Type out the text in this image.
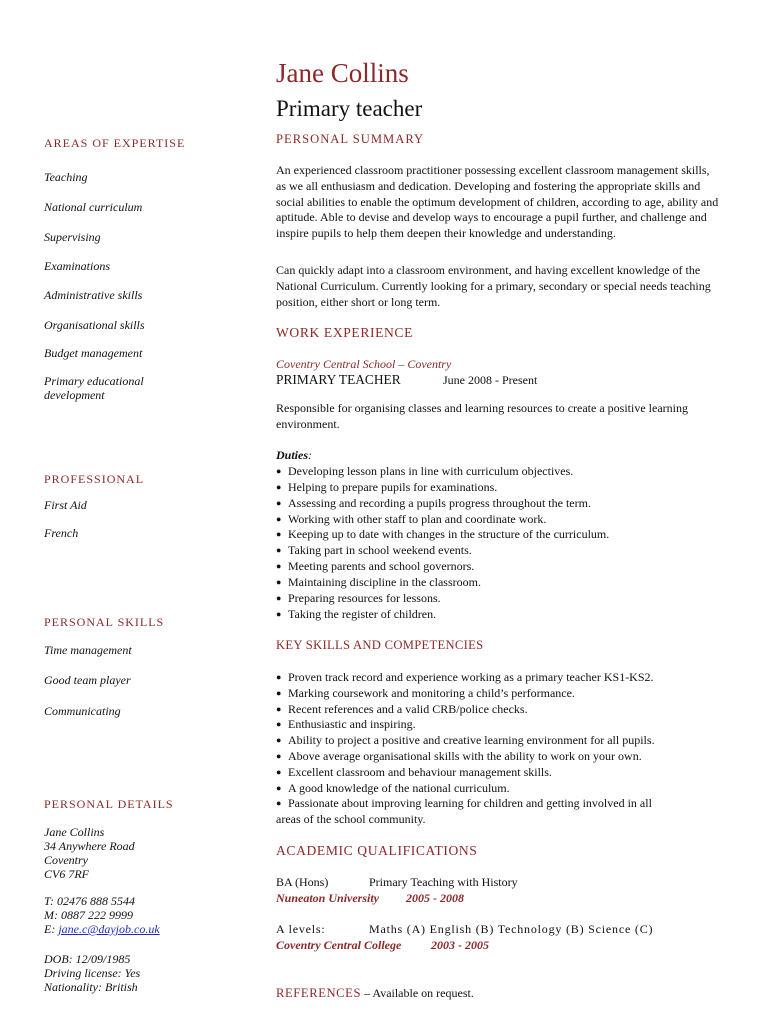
Jane Collins
Primary teacher
AREAS OF EXPERTISE
Teaching
National curriculum
Supervising
Examinations
Administrative skills
Organisational skills
Budget management
Primary educational development
PROFESSIONAL
First Aid
French
PERSONAL SKILLS
Time management
Good team player
Communicating
PERSONAL DETAILS
Jane Collins
34 Anywhere Road
Coventry
CV6 7RF
T: 02476 888 5544
M: 0887 222 9999
E: jane.c@dayjob.co.uk
DOB: 12/09/1985
Driving license: Yes
Nationality: British
PERSONAL SUMMARY
An experienced classroom practitioner possessing excellent classroom management skills, as we all enthusiasm and dedication. Developing and fostering the appropriate skills and social abilities to enable the optimum development of children, according to age, ability and aptitude. Able to devise and develop ways to encourage a pupil further, and challenge and inspire pupils to help them deepen their knowledge and understanding.
Can quickly adapt into a classroom environment, and having excellent knowledge of the National Curriculum. Currently looking for a primary, secondary or special needs teaching position, either short or long term.
WORK EXPERIENCE
Coventry Central School – Coventry
PRIMARY TEACHER	June 2008 - Present
Responsible for organising classes and learning resources to create a positive learning environment.
Duties:
● Developing lesson plans in line with curriculum objectives.
● Helping to prepare pupils for examinations.
● Assessing and recording a pupils progress throughout the term.
● Working with other staff to plan and coordinate work.
● Keeping up to date with changes in the structure of the curriculum.
● Taking part in school weekend events.
● Meeting parents and school governors.
● Maintaining discipline in the classroom.
● Preparing resources for lessons.
● Taking the register of children.
KEY SKILLS AND COMPETENCIES
● Proven track record and experience working as a primary teacher KS1-KS2.
● Marking coursework and monitoring a child’s performance.
● Recent references and a valid CRB/police checks.
● Enthusiastic and inspiring.
● Ability to project a positive and creative learning environment for all pupils.
● Above average organisational skills with the ability to work on your own.
● Excellent classroom and behaviour management skills.
● A good knowledge of the national curriculum.
● Passionate about improving learning for children and getting involved in all
areas of the school community.
ACADEMIC QUALIFICATIONS
BA (Hons)	Primary Teaching with History
Nuneaton University 2005 - 2008
A levels:	Maths (A) English (B) Technology (B) Science (C)
Coventry Central College 2003 - 2005
REFERENCES – Available on request.
